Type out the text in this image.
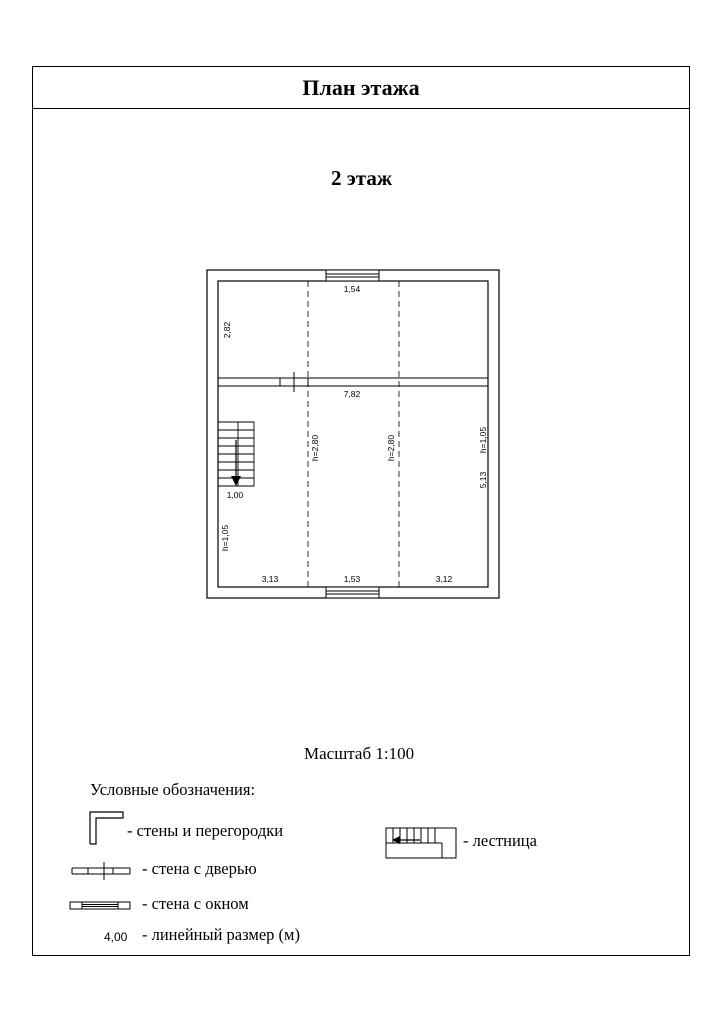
План этажа
2 этаж
1,54
2,82
7,82
h=2,80	h=2,80	h=1,05
5,13
1,00
h=1,05
3,13	1,53	3,12
Масштаб 1:100
Условные обозначения:
- стены и перегородки
- лестница
- стена с дверью
- стена с окном
4,00 - линейный размер (м)
